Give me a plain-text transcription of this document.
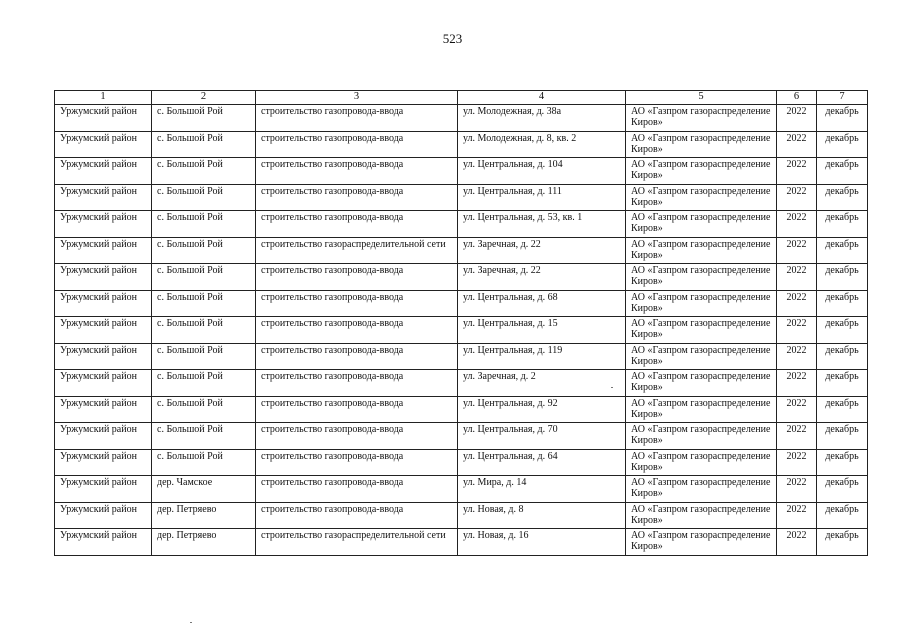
523
1	2	3	4	5	6	7
Уржумский район	с. Большой Рой	строительство газопровода-ввода	ул. Молодежная, д. 38а	АО «Газпром газораспределение Киров»	2022	декабрь
Уржумский район	с. Большой Рой	строительство газопровода-ввода	ул. Молодежная, д. 8, кв. 2	АО «Газпром газораспределение Киров»	2022	декабрь
Уржумский район	с. Большой Рой	строительство газопровода-ввода	ул. Центральная, д. 104	АО «Газпром газораспределение Киров»	2022	декабрь
Уржумский район	с. Большой Рой	строительство газопровода-ввода	ул. Центральная, д. 111	АО «Газпром газораспределение Киров»	2022	декабрь
Уржумский район	с. Большой Рой	строительство газопровода-ввода	ул. Центральная, д. 53, кв. 1	АО «Газпром газораспределение Киров»	2022	декабрь
Уржумский район	с. Большой Рой	строительство газораспределительной сети	ул. Заречная, д. 22	АО «Газпром газораспределение Киров»	2022	декабрь
Уржумский район	с. Большой Рой	строительство газопровода-ввода	ул. Заречная, д. 22	АО «Газпром газораспределение Киров»	2022	декабрь
Уржумский район	с. Большой Рой	строительство газопровода-ввода	ул. Центральная, д. 68	АО «Газпром газораспределение Киров»	2022	декабрь
Уржумский район	с. Большой Рой	строительство газопровода-ввода	ул. Центральная, д. 15	АО «Газпром газораспределение Киров»	2022	декабрь
Уржумский район	с. Большой Рой	строительство газопровода-ввода	ул. Центральная, д. 119	АО «Газпром газораспределение Киров»	2022	декабрь
Уржумский район	с. Большой Рой	строительство газопровода-ввода	ул. Заречная, д. 2	АО «Газпром газораспределение Киров»	2022	декабрь
Уржумский район	с. Большой Рой	строительство газопровода-ввода	ул. Центральная, д. 92	АО «Газпром газораспределение Киров»	2022	декабрь
Уржумский район	с. Большой Рой	строительство газопровода-ввода	ул. Центральная, д. 70	АО «Газпром газораспределение Киров»	2022	декабрь
Уржумский район	с. Большой Рой	строительство газопровода-ввода	ул. Центральная, д. 64	АО «Газпром газораспределение Киров»	2022	декабрь
Уржумский район	дер. Чамское	строительство газопровода-ввода	ул. Мира, д. 14	АО «Газпром газораспределение Киров»	2022	декабрь
Уржумский район	дер. Петряево	строительство газопровода-ввода	ул. Новая, д. 8	АО «Газпром газораспределение Киров»	2022	декабрь
Уржумский район	дер. Петряево	строительство газораспределительной сети	ул. Новая, д. 16	АО «Газпром газораспределение Киров»	2022	декабрь
